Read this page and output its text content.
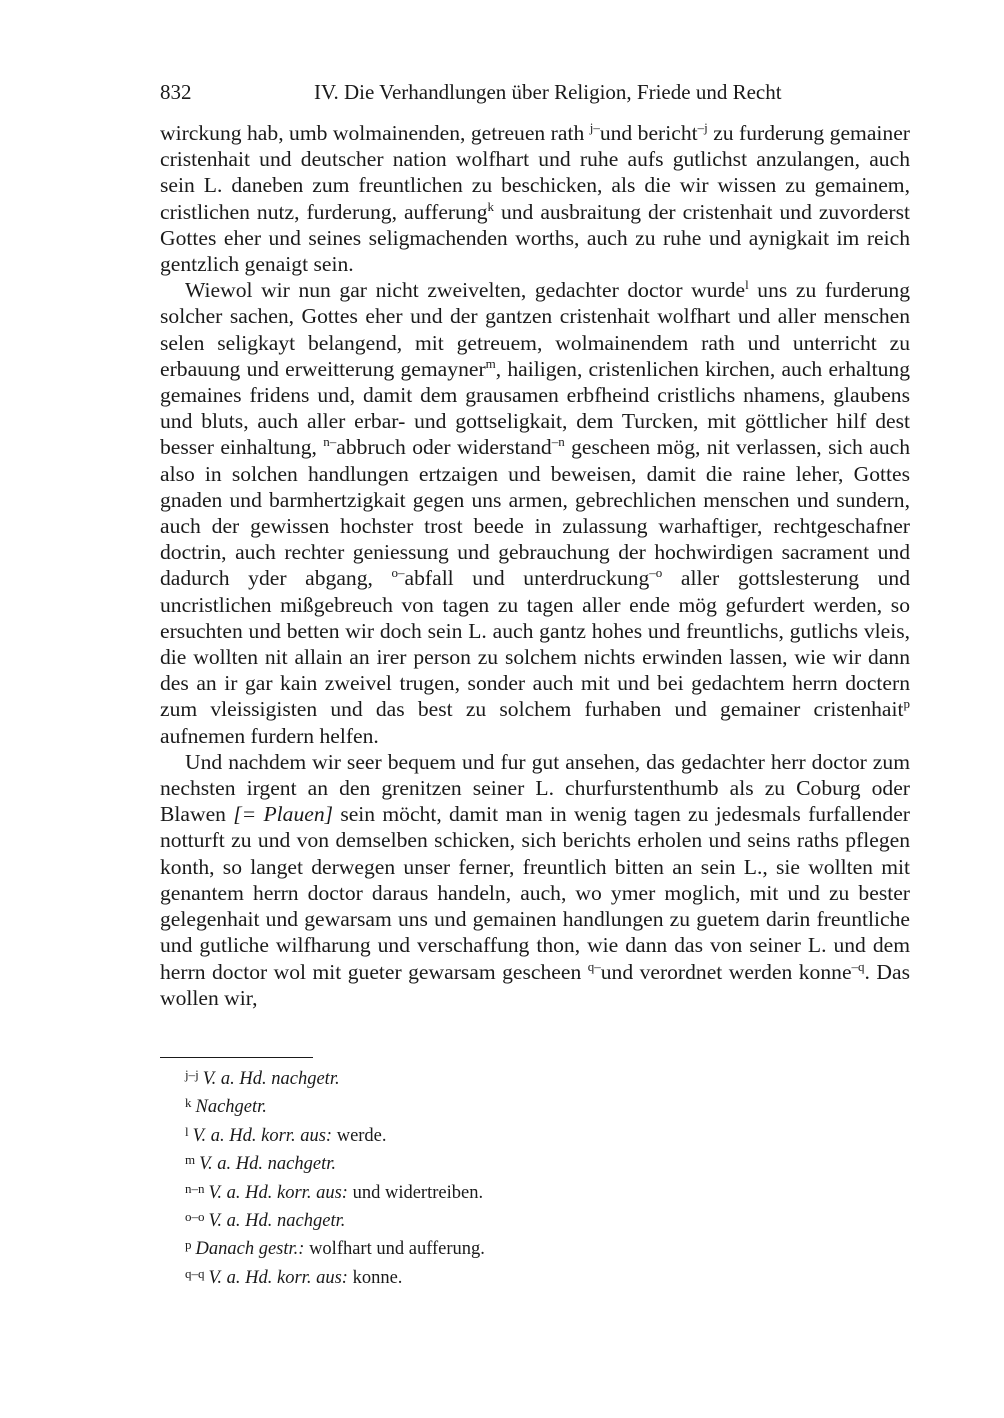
832	IV. Die Verhandlungen über Religion, Friede und Recht

wirckung hab, umb wolmainenden, getreuen rath $^{j-}$und bericht$^{-j}$ zu furderung gemainer cristenhait und deutscher nation wolfhart und ruhe aufs gutlichst anzulangen, auch sein L. daneben zum freuntlichen zu beschicken, als die wir wissen zu gemainem, cristlichen nutz, furderung, aufferung$^k$ und ausbraitung der cristenhait und zuvorderst Gottes eher und seines seligmachenden worths, auch zu ruhe und aynigkait im reich gentzlich genaigt sein.

Wiewol wir nun gar nicht zweivelten, gedachter doctor wurde$^l$ uns zu furderung solcher sachen, Gottes eher und der gantzen cristenhait wolfhart und aller menschen selen seligkayt belangend, mit getreuem, wolmainendem rath und unterricht zu erbauung und erweitterung gemayner$^m$, hailigen, cristenlichen kirchen, auch erhaltung gemaines fridens und, damit dem grausamen erbfheind cristlichs nhamens, glaubens und bluts, auch aller erbar- und gottseligkait, dem Turcken, mit göttlicher hilf dest besser einhaltung, $^{n-}$abbruch oder widerstand$^{-n}$ gescheen mög, nit verlassen, sich auch also in solchen handlungen ertzaigen und beweisen, damit die raine leher, Gottes gnaden und barmhertzigkait gegen uns armen, gebrechlichen menschen und sundern, auch der gewissen hochster trost beede in zulassung warhaftiger, rechtgeschafner doctrin, auch rechter geniessung und gebrauchung der hochwirdigen sacrament und dadurch yder abgang, $^{o-}$abfall und unterdruckung$^{-o}$ aller gottslesterung und uncristlichen mißgebreuch von tagen zu tagen aller ende mög gefurdert werden, so ersuchten und betten wir doch sein L. auch gantz hohes und freuntlichs, gutlichs vleis, die wollten nit allain an irer person zu solchem nichts erwinden lassen, wie wir dann des an ir gar kain zweivel trugen, sonder auch mit und bei gedachtem herrn doctern zum vleissigisten und das best zu solchem furhaben und gemainer cristenhait$^p$ aufnemen furdern helfen.

Und nachdem wir seer bequem und fur gut ansehen, das gedachter herr doctor zum nechsten irgent an den grenitzen seiner L. churfurstenthumb als zu Coburg oder Blawen [= Plauen] sein möcht, damit man in wenig tagen zu jedesmals furfallender notturft zu und von demselben schicken, sich berichts erholen und seins raths pflegen konth, so langet derwegen unser ferner, freuntlich bitten an sein L., sie wollten mit genantem herrn doctor daraus handeln, auch, wo ymer moglich, mit und zu bester gelegenhait und gewarsam uns und gemainen handlungen zu guetem darin freuntliche und gutliche wilfharung und verschaffung thon, wie dann das von seiner L. und dem herrn doctor wol mit gueter gewarsam gescheen $^{q-}$und verordnet werden konne$^{-q}$. Das wollen wir,

$^{j-j}$ V. a. Hd. nachgetr.
$^k$ Nachgetr.
$^l$ V. a. Hd. korr. aus: werde.
$^m$ V. a. Hd. nachgetr.
$^{n-n}$ V. a. Hd. korr. aus: und widertreiben.
$^{o-o}$ V. a. Hd. nachgetr.
$^p$ Danach gestr.: wolfhart und aufferung.
$^{q-q}$ V. a. Hd. korr. aus: konne.
